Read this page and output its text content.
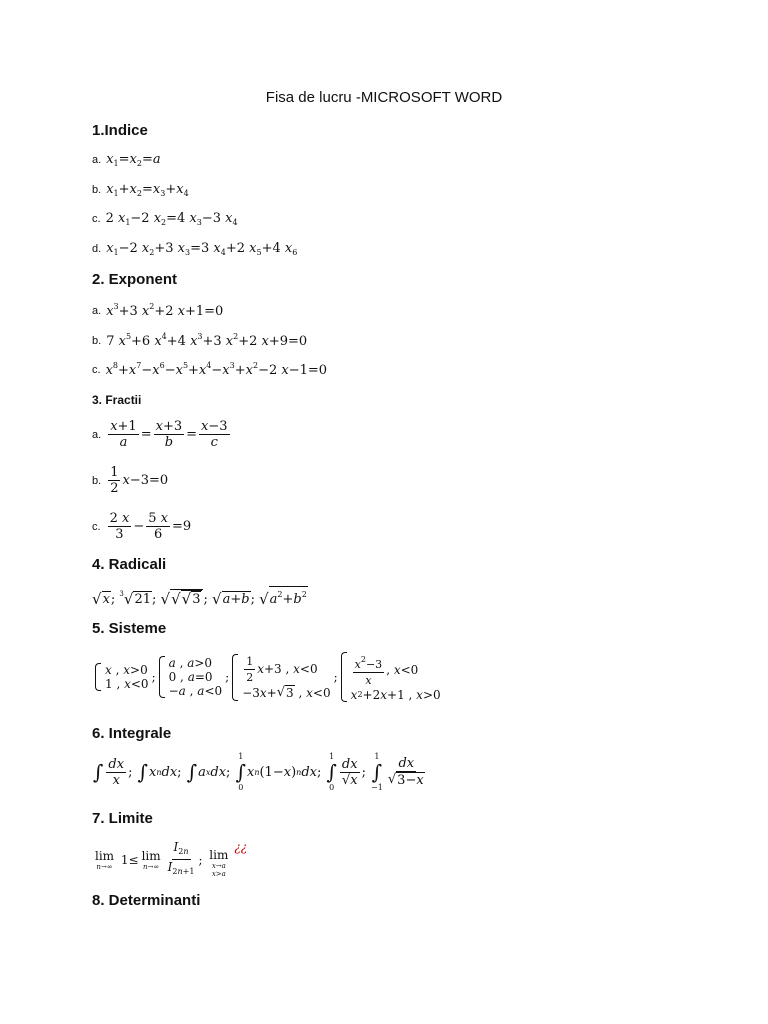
Fisa de lucru -MICROSOFT WORD
1.Indice
a. $x_1=x_2=a$
b. $x_1+x_2=x_3+x_4$
c. 2 $x_1-2$ $x_2=4$ $x_3-3$ $x_4$
d. $x_1-2$ $x_2+3$ $x_3=3$ $x_4+2$ $x_5+4$ $x_6$
2. Exponent
a. $x^3+3$ $x^2+2$ x+1=0
b. 7 $x^5+6$ $x^4+4$ $x^3+3$ $x^2+2$ x+9=0
c. $x^8+x^7-x^6-x^5+x^4-x^3+x^2-2$ x−1=0
3. Fractii
a. $\frac{x+1}{a} = \frac{x+3}{b} = \frac{x-3}{c}$
b. $\frac{1}{2}$ x −3=0
c. $\frac{2 x}{3} - \frac{5 x}{6} =9$
4. Radicali
√ x ; $^3$√ 21 ; √ √ √ 3 ; √ a+b ; √ $a^2+b^2$
5. Sisteme
x , x >0
1 , x <0 ;
a , a >0
0 , a =0
− a , a <0
; $\frac{1}{2}$ x +3 , x <0
−3 x + √ 3 , x <0
; $\frac{x^2-3}{x}$ , x <0
x 2 +2 x +1 , x >0
6. Integrale

∫
$\frac{dx}{x}$ ;
∫
x n dx ;
∫
a x dx ;
1
∫
0
x n (1− x ) n dx ;
1
∫
$0 \frac{dx}{√x}$ ;
1
∫
$-1 \frac{dx}{√ 3-x}$
7. Limite
lim
n→∞ 1≤ lim
$n\to\infty \frac{I_{2n}}{I_{2n+1}}$ ; lim
x→a
x>a
¿¿
8. Determinanti
